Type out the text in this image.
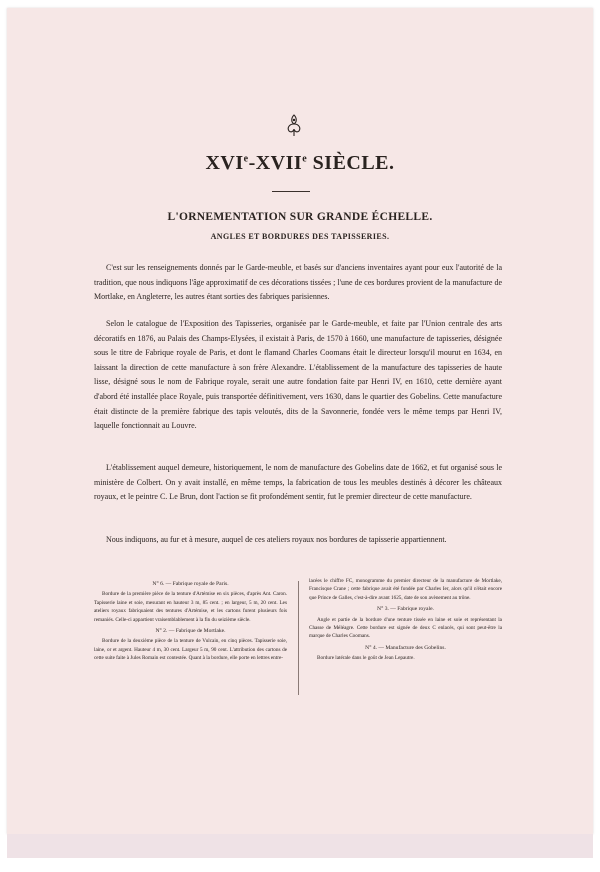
XVIe-XVIIe SIÈCLE.
L'ORNEMENTATION SUR GRANDE ÉCHELLE.
ANGLES ET BORDURES DES TAPISSERIES.

C'est sur les renseignements donnés par le Garde-meuble, et basés sur d'anciens inventaires ayant pour eux l'autorité de la tradition, que nous indiquons l'âge approximatif de ces décorations tissées ; l'une de ces bordures provient de la manufacture de Mortlake, en Angleterre, les autres étant sorties des fabriques parisiennes.

Selon le catalogue de l'Exposition des Tapisseries, organisée par le Garde-meuble, et faite par l'Union centrale des arts décoratifs en 1876, au Palais des Champs-Elysées, il existait à Paris, de 1570 à 1660, une manufacture de tapisseries, désignée sous le titre de Fabrique royale de Paris, et dont le flamand Charles Coomans était le directeur lorsqu'il mourut en 1634, en laissant la direction de cette manufacture à son frère Alexandre. L'établissement de la manufacture des tapisseries de haute lisse, désigné sous le nom de Fabrique royale, serait une autre fondation faite par Henri IV, en 1610, cette dernière ayant d'abord été installée place Royale, puis transportée définitivement, vers 1630, dans le quartier des Gobelins. Cette manufacture était distincte de la première fabrique des tapis veloutés, dits de la Savonnerie, fondée vers le même temps par Henri IV, laquelle fonctionnait au Louvre.

L'établissement auquel demeure, historiquement, le nom de manufacture des Gobelins date de 1662, et fut organisé sous le ministère de Colbert. On y avait installé, en même temps, la fabrication de tous les meubles destinés à décorer les châteaux royaux, et le peintre C. Le Brun, dont l'action se fit profondément sentir, fut le premier directeur de cette manufacture.

Nous indiquons, au fur et à mesure, auquel de ces ateliers royaux nos bordures de tapisserie appartiennent.

N° 6. — Fabrique royale de Paris.

Bordure de la première pièce de la tenture d'Artémise en six pièces, d'après Ant. Caron. Tapisserie laine et soie, mesurant en hauteur 3 m, 85 cent. ; en largeur, 5 m, 20 cent. Les ateliers royaux fabriquaient des tentures d'Artémise, et les cartons furent plusieurs fois remaniés. Celle-ci appartient vraisemblablement à la fin du seizième siècle.

N° 2. — Fabrique de Mortlake.

Bordure de la deuxième pièce de la tenture de Vulcain, en cinq pièces. Tapisserie soie, laine, or et argent. Hauteur 4 m, 30 cent. Largeur 5 m, 90 cent. L'attribution des cartons de cette suite faite à Jules Romain est contestée. Quant à la bordure, elle porte en lettres entre-

lacées le chiffre FC, monogramme du premier directeur de la manufacture de Mortlake, Francisque Crane ; cette fabrique avait été fondée par Charles Ier, alors qu'il n'était encore que Prince de Galles, c'est-à-dire avant 1625, date de son avènement au trône.

N° 3. — Fabrique royale.

Angle et partie de la bordure d'une tenture tissée en laine et soie et représentant la Chasse de Méléagre. Cette bordure est signée de deux C enlacés, qui sont peut-être la marque de Charles Coomans.

N° 4. — Manufacture des Gobelins.

Bordure latérale dans le goût de Jean Lepautre.
